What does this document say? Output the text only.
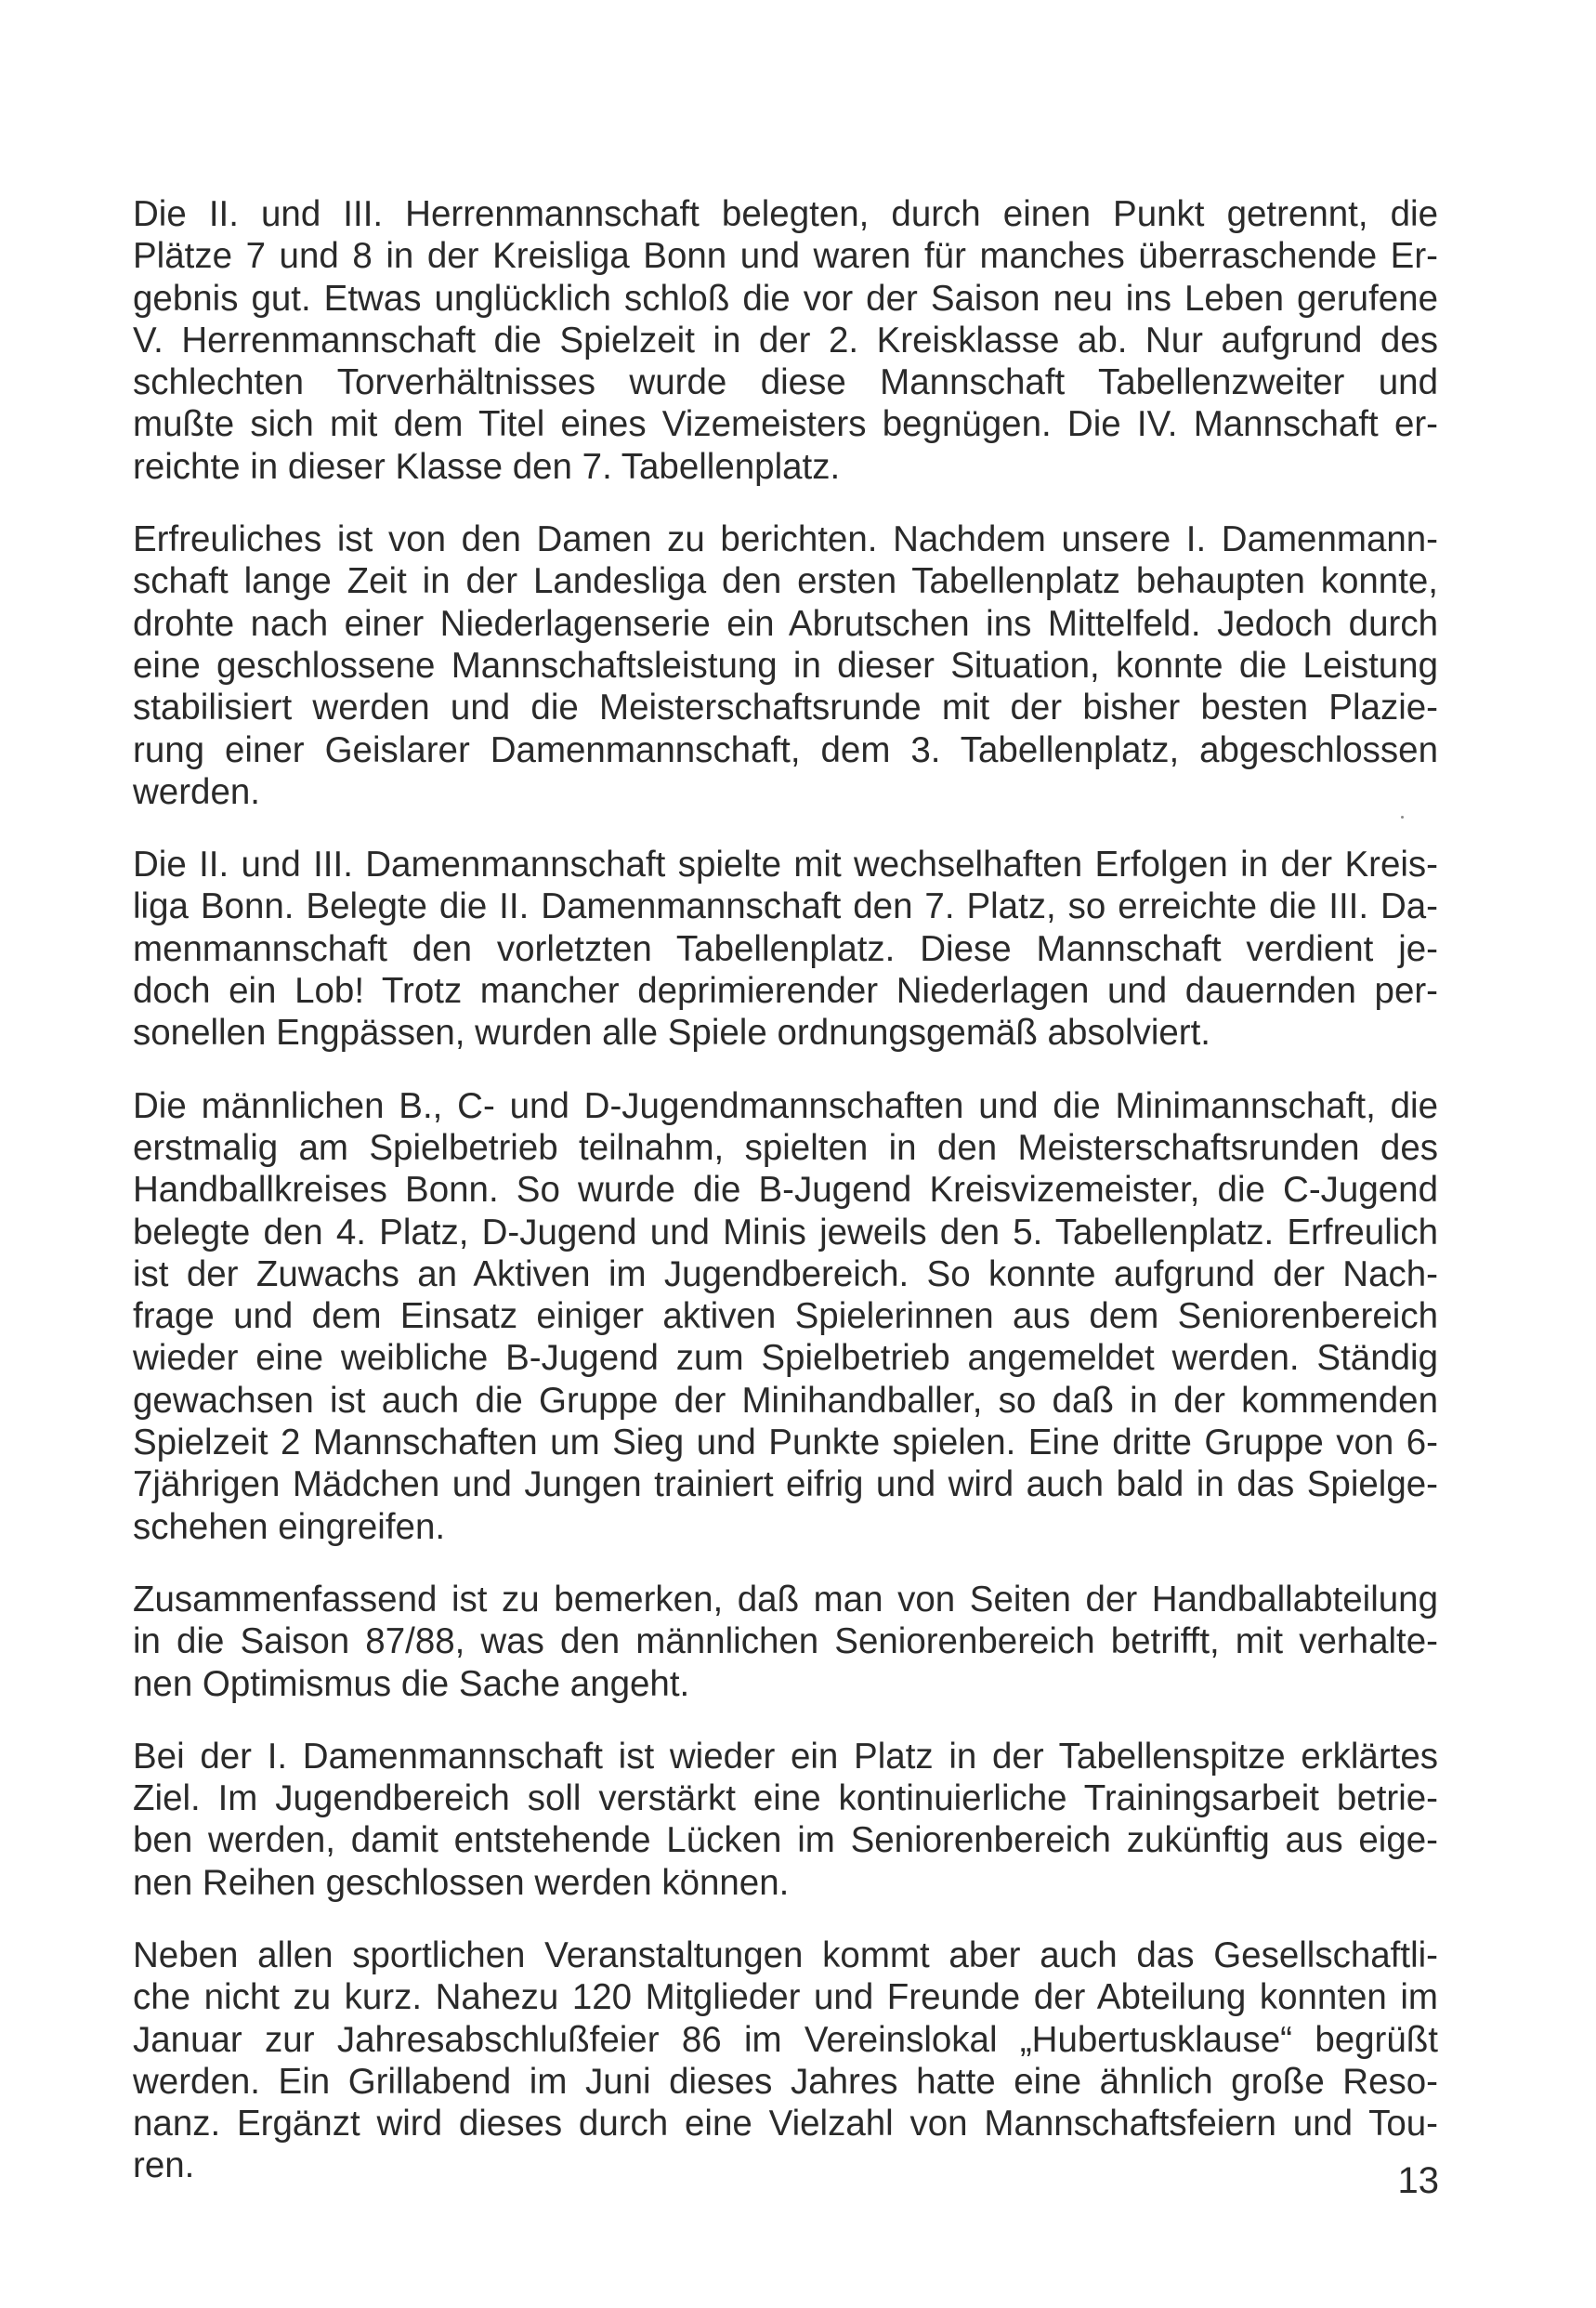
Die II. und III. Herrenmannschaft belegten, durch einen Punkt getrennt, die
Plätze 7 und 8 in der Kreisliga Bonn und waren für manches überraschende Er-
gebnis gut. Etwas unglücklich schloß die vor der Saison neu ins Leben gerufene
V. Herrenmannschaft die Spielzeit in der 2. Kreisklasse ab. Nur aufgrund des
schlechten Torverhältnisses wurde diese Mannschaft Tabellenzweiter und
mußte sich mit dem Titel eines Vizemeisters begnügen. Die IV. Mannschaft er-
reichte in dieser Klasse den 7. Tabellenplatz.

Erfreuliches ist von den Damen zu berichten. Nachdem unsere I. Damenmann-
schaft lange Zeit in der Landesliga den ersten Tabellenplatz behaupten konnte,
drohte nach einer Niederlagenserie ein Abrutschen ins Mittelfeld. Jedoch durch
eine geschlossene Mannschaftsleistung in dieser Situation, konnte die Leistung
stabilisiert werden und die Meisterschaftsrunde mit der bisher besten Plazie-
rung einer Geislarer Damenmannschaft, dem 3. Tabellenplatz, abgeschlossen
werden.

Die II. und III. Damenmannschaft spielte mit wechselhaften Erfolgen in der Kreis-
liga Bonn. Belegte die II. Damenmannschaft den 7. Platz, so erreichte die III. Da-
menmannschaft den vorletzten Tabellenplatz. Diese Mannschaft verdient je-
doch ein Lob! Trotz mancher deprimierender Niederlagen und dauernden per-
sonellen Engpässen, wurden alle Spiele ordnungsgemäß absolviert.

Die männlichen B., C- und D-Jugendmannschaften und die Minimannschaft, die
erstmalig am Spielbetrieb teilnahm, spielten in den Meisterschaftsrunden des
Handballkreises Bonn. So wurde die B-Jugend Kreisvizemeister, die C-Jugend
belegte den 4. Platz, D-Jugend und Minis jeweils den 5. Tabellenplatz. Erfreulich
ist der Zuwachs an Aktiven im Jugendbereich. So konnte aufgrund der Nach-
frage und dem Einsatz einiger aktiven Spielerinnen aus dem Seniorenbereich
wieder eine weibliche B-Jugend zum Spielbetrieb angemeldet werden. Ständig
gewachsen ist auch die Gruppe der Minihandballer, so daß in der kommenden
Spielzeit 2 Mannschaften um Sieg und Punkte spielen. Eine dritte Gruppe von 6-
7jährigen Mädchen und Jungen trainiert eifrig und wird auch bald in das Spielge-
schehen eingreifen.

Zusammenfassend ist zu bemerken, daß man von Seiten der Handballabteilung
in die Saison 87/88, was den männlichen Seniorenbereich betrifft, mit verhalte-
nen Optimismus die Sache angeht.

Bei der I. Damenmannschaft ist wieder ein Platz in der Tabellenspitze erklärtes
Ziel. Im Jugendbereich soll verstärkt eine kontinuierliche Trainingsarbeit betrie-
ben werden, damit entstehende Lücken im Seniorenbereich zukünftig aus eige-
nen Reihen geschlossen werden können.

Neben allen sportlichen Veranstaltungen kommt aber auch das Gesellschaftli-
che nicht zu kurz. Nahezu 120 Mitglieder und Freunde der Abteilung konnten im
Januar zur Jahresabschlußfeier 86 im Vereinslokal „Hubertusklause“ begrüßt
werden. Ein Grillabend im Juni dieses Jahres hatte eine ähnlich große Reso-
nanz. Ergänzt wird dieses durch eine Vielzahl von Mannschaftsfeiern und Tou-
ren.	13
